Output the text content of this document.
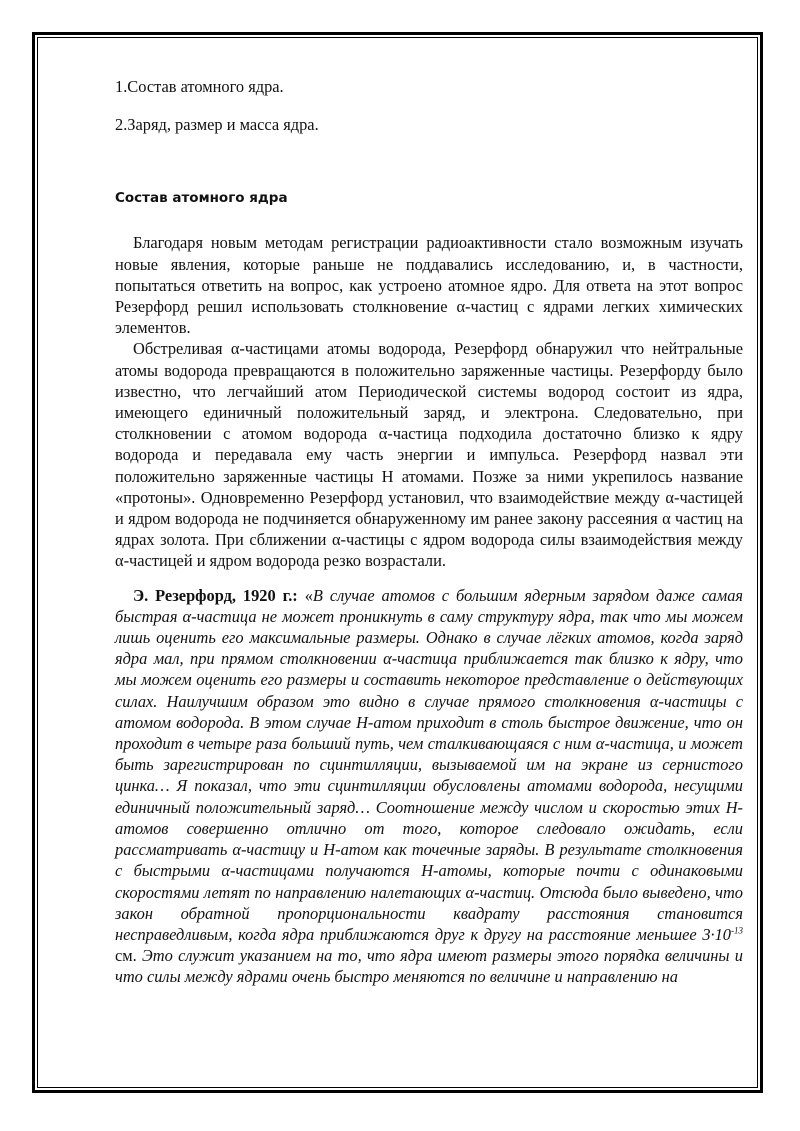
1.Состав атомного ядра.

2.Заряд, размер и масса ядра.

Состав атомного ядра

Благодаря новым методам регистрации радиоактивности стало возможным изучать новые явления, которые раньше не поддавались исследованию, и, в частности, попытаться ответить на вопрос, как устроено атомное ядро. Для ответа на этот вопрос Резерфорд решил использовать столкновение α-частиц с ядрами легких химических элементов.

Обстреливая α-частицами атомы водорода, Резерфорд обнаружил что нейтральные атомы водорода превращаются в положительно заряженные частицы. Резерфорду было известно, что легчайший атом Периодической системы водород состоит из ядра, имеющего единичный положительный заряд, и электрона. Следовательно, при столкновении с атомом водорода α-частица подходила достаточно близко к ядру водорода и передавала ему часть энергии и импульса. Резерфорд назвал эти положительно заряженные частицы H атомами. Позже за ними укрепилось название «протоны». Одновременно Резерфорд установил, что взаимодействие между α-частицей и ядром водорода не подчиняется обнаруженному им ранее закону рассеяния α частиц на ядрах золота. При сближении α-частицы с ядром водорода силы взаимодействия между α-частицей и ядром водорода резко возрастали.

Э. Резерфорд, 1920 г.: «В случае атомов с большим ядерным зарядом даже самая быстрая α-частица не может проникнуть в саму структуру ядра, так что мы можем лишь оценить его максимальные размеры. Однако в случае лёгких атомов, когда заряд ядра мал, при прямом столкновении α-частица приближается так близко к ядру, что мы можем оценить его размеры и составить некоторое представление о действующих силах. Наилучшим образом это видно в случае прямого столкновения α-частицы с атомом водорода. В этом случае H-атом приходит в столь быстрое движение, что он проходит в четыре раза больший путь, чем сталкивающаяся с ним α-частица, и может быть зарегистрирован по сцинтилляции, вызываемой им на экране из сернистого цинка… Я показал, что эти сцинтилляции обусловлены атомами водорода, несущими единичный положительный заряд… Соотношение между числом и скоростью этих H-атомов совершенно отлично от того, которое следовало ожидать, если рассматривать α-частицу и H-атом как точечные заряды. В результате столкновения с быстрыми α-частицами получаются H-атомы, которые почти с одинаковыми скоростями летят по направлению налетающих α-частиц. Отсюда было выведено, что закон обратной пропорциональности квадрату расстояния становится несправедливым, когда ядра приближаются друг к другу на расстояние меньшее $3\cdot 10^{-13}$ см. Это служит указанием на то, что ядра имеют размеры этого порядка величины и что силы между ядрами очень быстро меняются по величине и направлению на
